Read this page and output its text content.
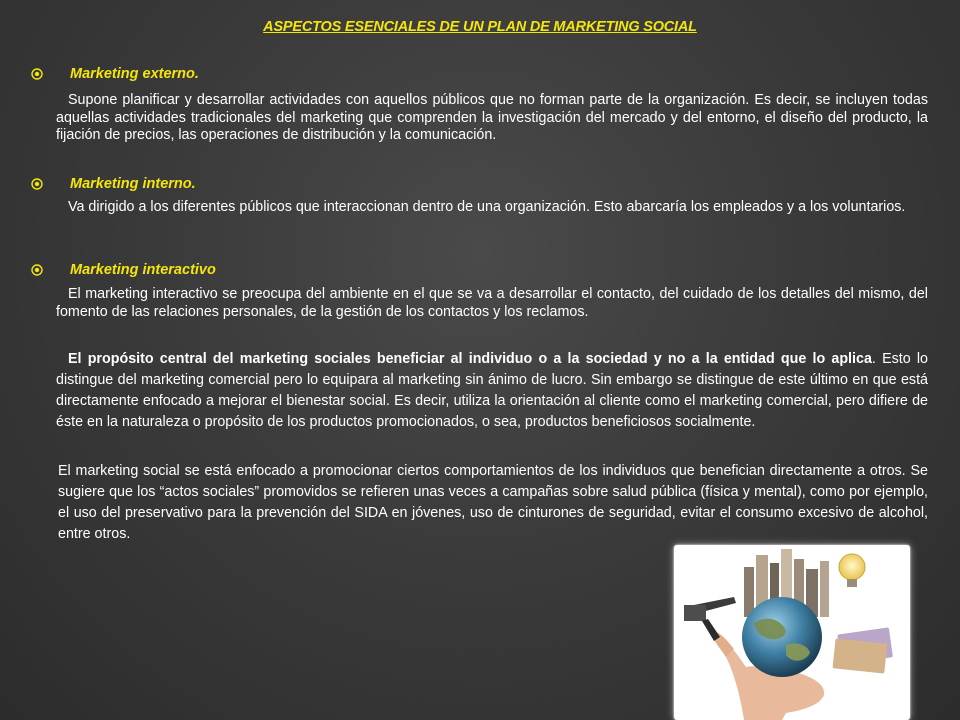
ASPECTOS ESENCIALES DE UN PLAN DE MARKETING SOCIAL
Marketing externo.
Supone planificar y desarrollar actividades con aquellos públicos que no forman parte de la organización. Es decir, se incluyen todas aquellas actividades tradicionales del marketing que comprenden la investigación del mercado y del entorno, el diseño del producto, la fijación de precios, las operaciones de distribución y la comunicación.
Marketing interno.
Va dirigido a los diferentes públicos que interaccionan dentro de una organización. Esto abarcaría los empleados y a los voluntarios.
Marketing interactivo
El marketing interactivo se preocupa del ambiente en el que se va a desarrollar el contacto, del cuidado de los detalles del mismo, del fomento de las relaciones personales, de la gestión de los contactos y los reclamos.
El propósito central del marketing sociales beneficiar al individuo o a la sociedad y no a la entidad que lo aplica. Esto lo distingue del marketing comercial pero lo equipara al marketing sin ánimo de lucro. Sin embargo se distingue de este último en que está directamente enfocado a mejorar el bienestar social. Es decir, utiliza la orientación al cliente como el marketing comercial, pero difiere de éste en la naturaleza o propósito de los productos promocionados, o sea, productos beneficiosos socialmente.
El marketing social se está enfocado a promocionar ciertos comportamientos de los individuos que benefician directamente a otros. Se sugiere que los “actos sociales” promovidos se refieren unas veces a campañas sobre salud pública (física y mental), como por ejemplo, el uso del preservativo para la prevención del SIDA en jóvenes, uso de cinturones de seguridad, evitar el consumo excesivo de alcohol, entre otros.
